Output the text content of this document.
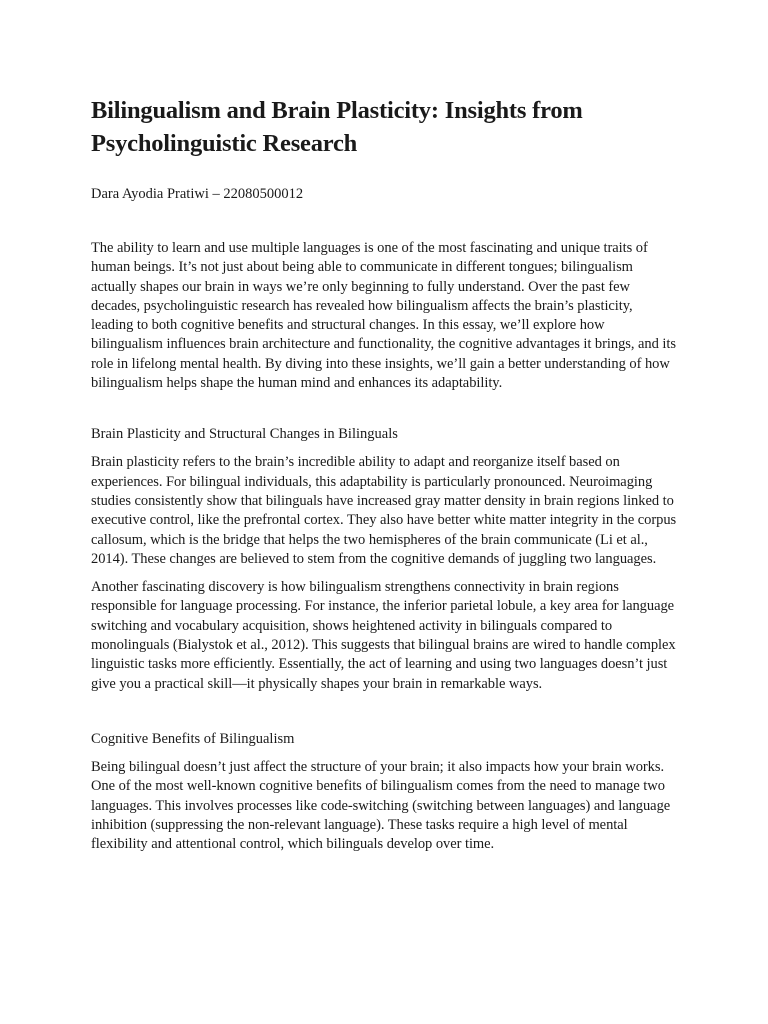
Bilingualism and Brain Plasticity: Insights from Psycholinguistic Research
Dara Ayodia Pratiwi – 22080500012

The ability to learn and use multiple languages is one of the most fascinating and unique traits of human beings. It’s not just about being able to communicate in different tongues; bilingualism actually shapes our brain in ways we’re only beginning to fully understand. Over the past few decades, psycholinguistic research has revealed how bilingualism affects the brain’s plasticity, leading to both cognitive benefits and structural changes. In this essay, we’ll explore how bilingualism influences brain architecture and functionality, the cognitive advantages it brings, and its role in lifelong mental health. By diving into these insights, we’ll gain a better understanding of how bilingualism helps shape the human mind and enhances its adaptability.

Brain Plasticity and Structural Changes in Bilinguals

Brain plasticity refers to the brain’s incredible ability to adapt and reorganize itself based on experiences. For bilingual individuals, this adaptability is particularly pronounced. Neuroimaging studies consistently show that bilinguals have increased gray matter density in brain regions linked to executive control, like the prefrontal cortex. They also have better white matter integrity in the corpus callosum, which is the bridge that helps the two hemispheres of the brain communicate (Li et al., 2014). These changes are believed to stem from the cognitive demands of juggling two languages.

Another fascinating discovery is how bilingualism strengthens connectivity in brain regions responsible for language processing. For instance, the inferior parietal lobule, a key area for language switching and vocabulary acquisition, shows heightened activity in bilinguals compared to monolinguals (Bialystok et al., 2012). This suggests that bilingual brains are wired to handle complex linguistic tasks more efficiently. Essentially, the act of learning and using two languages doesn’t just give you a practical skill—it physically shapes your brain in remarkable ways.

Cognitive Benefits of Bilingualism

Being bilingual doesn’t just affect the structure of your brain; it also impacts how your brain works. One of the most well-known cognitive benefits of bilingualism comes from the need to manage two languages. This involves processes like code-switching (switching between languages) and language inhibition (suppressing the non-relevant language). These tasks require a high level of mental flexibility and attentional control, which bilinguals develop over time.
